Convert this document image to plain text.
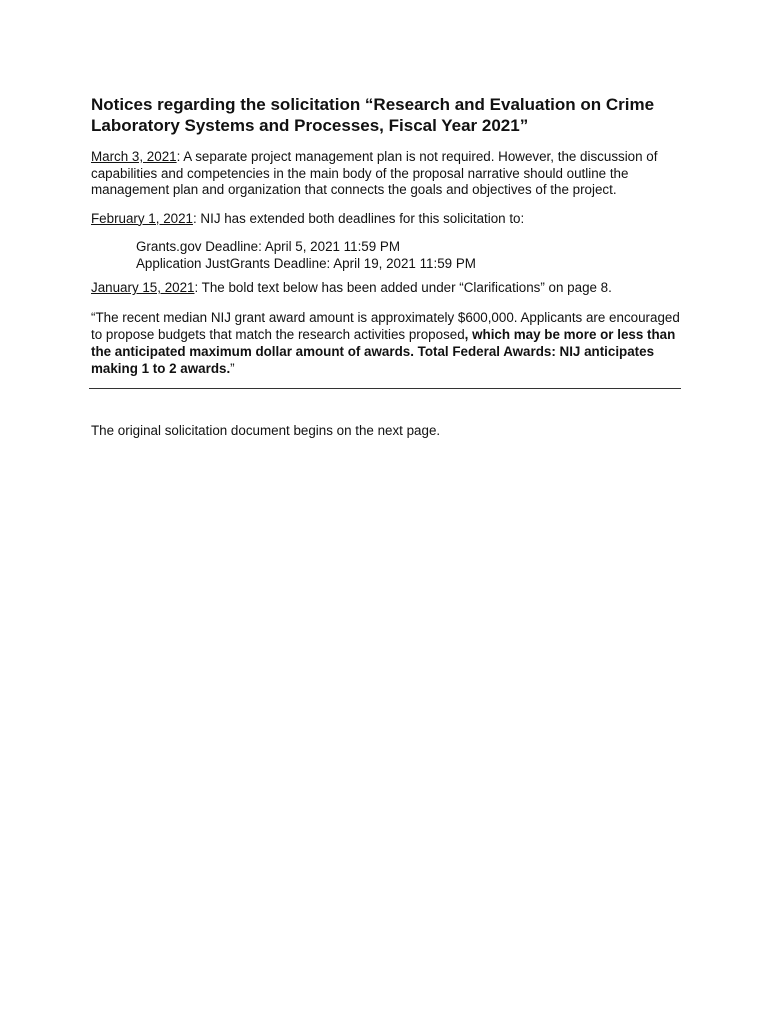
Notices regarding the solicitation “Research and Evaluation on Crime Laboratory Systems and Processes, Fiscal Year 2021”

March 3, 2021: A separate project management plan is not required. However, the discussion of capabilities and competencies in the main body of the proposal narrative should outline the management plan and organization that connects the goals and objectives of the project.

February 1, 2021: NIJ has extended both deadlines for this solicitation to:

Grants.gov Deadline: April 5, 2021 11:59 PM
Application JustGrants Deadline: April 19, 2021 11:59 PM

January 15, 2021: The bold text below has been added under “Clarifications” on page 8.

“The recent median NIJ grant award amount is approximately $600,000. Applicants are encouraged to propose budgets that match the research activities proposed, which may be more or less than the anticipated maximum dollar amount of awards. Total Federal Awards: NIJ anticipates making 1 to 2 awards.”

The original solicitation document begins on the next page.
